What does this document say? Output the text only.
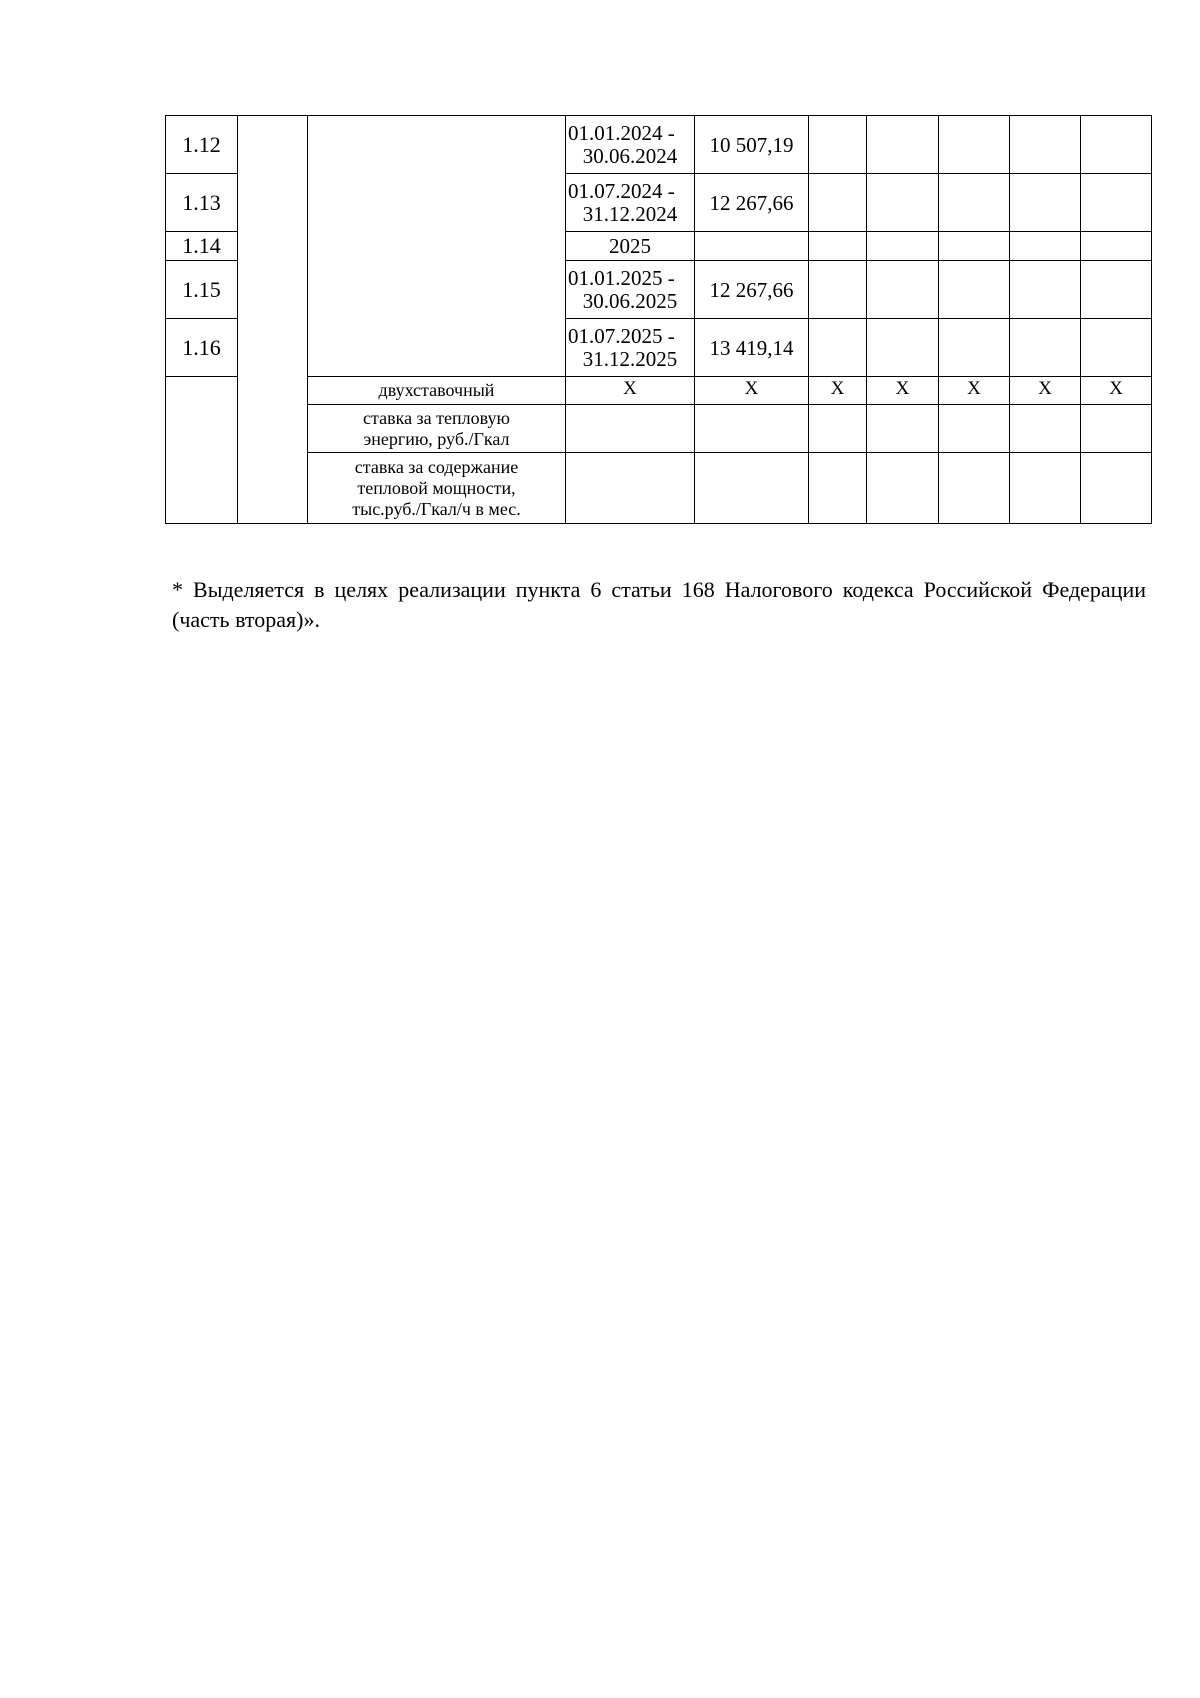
1.12			01.01.2024 -
30.06.2024	10 507,19					
1.13			01.07.2024 -
31.12.2024	12 267,66					
1.14			2025						
1.15			01.01.2025 -
30.06.2025	12 267,66					
1.16			01.07.2025 -
31.12.2025	13 419,14					
		двухставочный	Х	Х	Х	Х	Х	Х	Х

		ставка за тепловую
энергию, руб./Гкал							

		ставка за содержание
тепловой мощности,
тыс.руб./Гкал/ч в мес.							

* Выделяется в целях реализации пункта 6 статьи 168 Налогового кодекса Российской Федерации (часть вторая)».
